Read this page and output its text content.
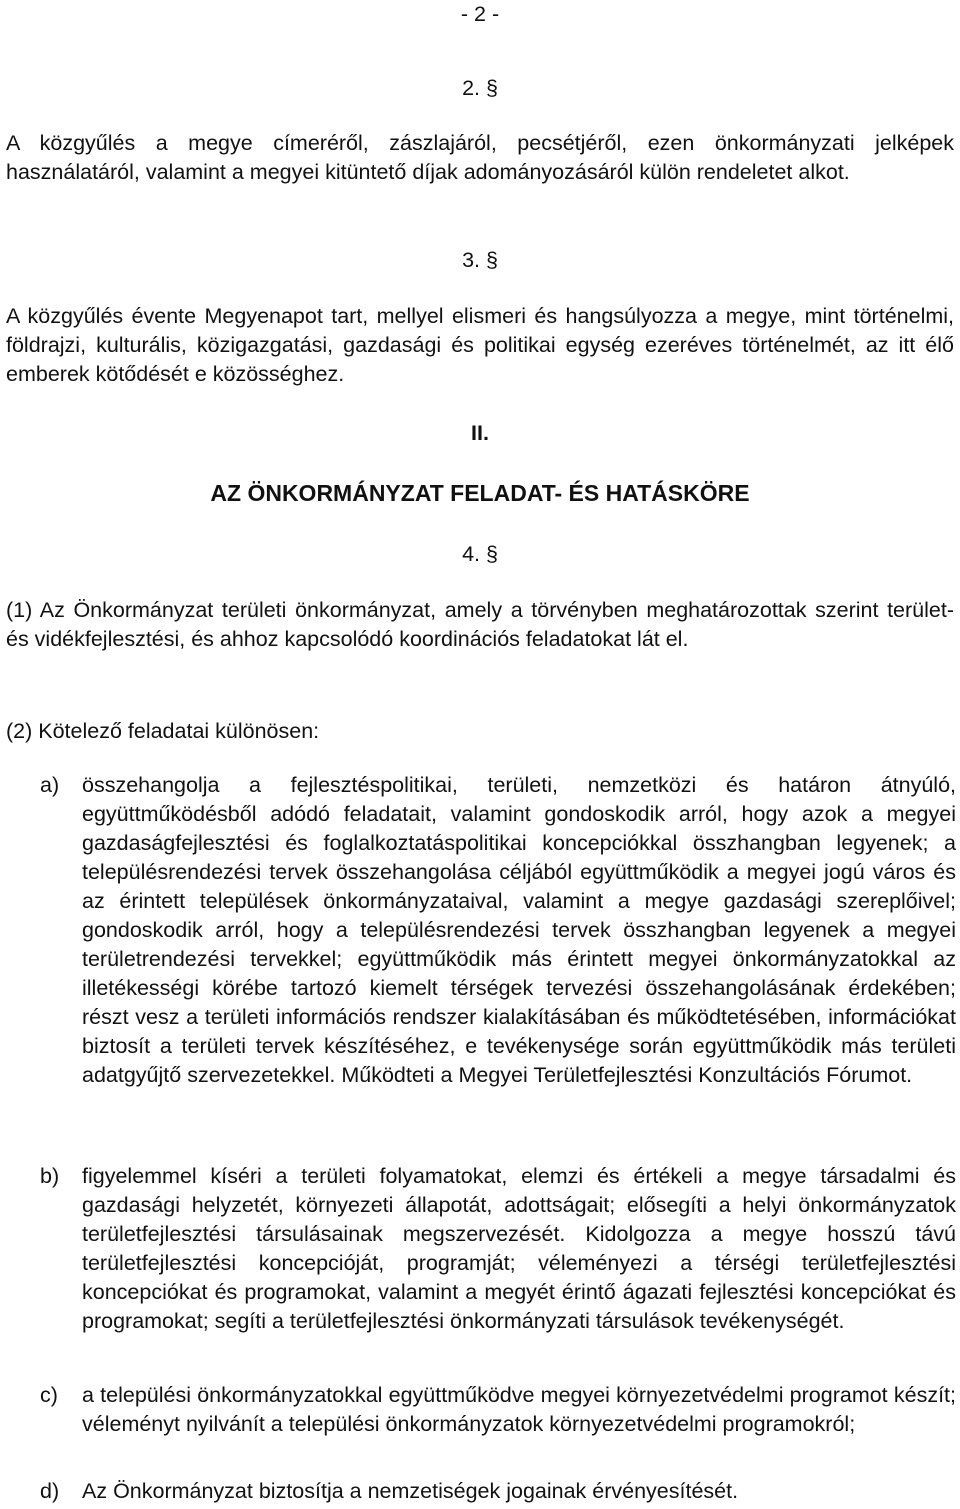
- 2 -
2. §

A közgyűlés a megye címeréről, zászlajáról, pecsétjéről, ezen önkormányzati jelképek használatáról, valamint a megyei kitüntető díjak adományozásáról külön rendeletet alkot.

3. §

A közgyűlés évente Megyenapot tart, mellyel elismeri és hangsúlyozza a megye, mint történelmi, földrajzi, kulturális, közigazgatási, gazdasági és politikai egység ezeréves történelmét, az itt élő emberek kötődését e közösséghez.

II.
AZ ÖNKORMÁNYZAT FELADAT- ÉS HATÁSKÖRE
4. §

(1) Az Önkormányzat területi önkormányzat, amely a törvényben meghatározottak szerint terület- és vidékfejlesztési, és ahhoz kapcsolódó koordinációs feladatokat lát el.

(2) Kötelező feladatai különösen:

a)	összehangolja a fejlesztéspolitikai, területi, nemzetközi és határon átnyúló, együttműködésből adódó feladatait, valamint gondoskodik arról, hogy azok a megyei gazdaságfejlesztési és foglalkoztatáspolitikai koncepciókkal összhangban legyenek; a településrendezési tervek összehangolása céljából együttműködik a megyei jogú város és az érintett települések önkormányzataival, valamint a megye gazdasági szereplőivel; gondoskodik arról, hogy a településrendezési tervek összhangban legyenek a megyei területrendezési tervekkel; együttműködik más érintett megyei önkormányzatokkal az illetékességi körébe tartozó kiemelt térségek tervezési összehangolásának érdekében; részt vesz a területi információs rendszer kialakításában és működtetésében, információkat biztosít a területi tervek készítéséhez, e tevékenysége során együttműködik más területi adatgyűjtő szervezetekkel. Működteti a Megyei Területfejlesztési Konzultációs Fórumot.

b)	figyelemmel kíséri a területi folyamatokat, elemzi és értékeli a megye társadalmi és gazdasági helyzetét, környezeti állapotát, adottságait; elősegíti a helyi önkormányzatok területfejlesztési társulásainak megszervezését. Kidolgozza a megye hosszú távú területfejlesztési koncepcióját, programját; véleményezi a térségi területfejlesztési koncepciókat és programokat, valamint a megyét érintő ágazati fejlesztési koncepciókat és programokat; segíti a területfejlesztési önkormányzati társulások tevékenységét.

c)	a települési önkormányzatokkal együttműködve megyei környezetvédelmi programot készít; véleményt nyilvánít a települési önkormányzatok környezetvédelmi programokról;

d)	Az Önkormányzat biztosítja a nemzetiségek jogainak érvényesítését.
